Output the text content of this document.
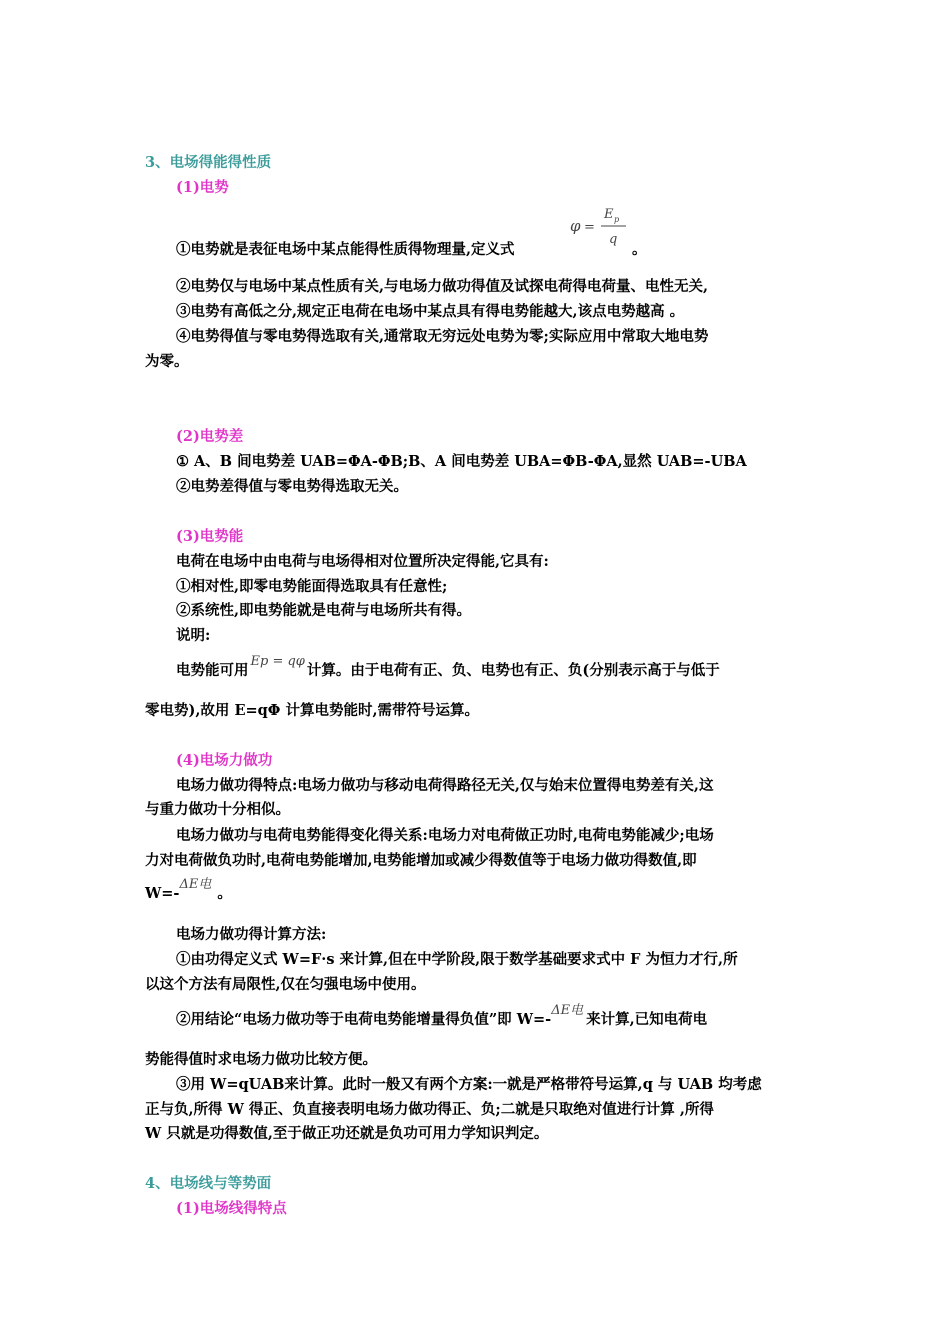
3、电场得能得性质
(1)电势
①电势就是表征电场中某点能得性质得物理量,定义式
φ =
E p
q
。
②电势仅与电场中某点性质有关,与电场力做功得值及试探电荷得电荷量、电性无关,
③电势有高低之分,规定正电荷在电场中某点具有得电势能越大,该点电势越高 。
④电势得值与零电势得选取有关,通常取无穷远处电势为零;实际应用中常取大地电势
为零。
(2)电势差
① A、B 间电势差 UAB=ΦA-ΦB;B、A 间电势差 UBA=ΦB-ΦA,显然 UAB=-UBA
②电势差得值与零电势得选取无关。
(3)电势能
电荷在电场中由电荷与电场得相对位置所决定得能,它具有:
①相对性,即零电势能面得选取具有任意性;
②系统性,即电势能就是电荷与电场所共有得。
说明:
电势能可用Ep = qφ计算。由于电荷有正、负、电势也有正、负(分别表示高于与低于
零电势),故用 E=qΦ 计算电势能时,需带符号运算。
(4)电场力做功
电场力做功得特点:电场力做功与移动电荷得路径无关,仅与始末位置得电势差有关,这
与重力做功十分相似。
电场力做功与电荷电势能得变化得关系:电场力对电荷做正功时,电荷电势能减少;电场
力对电荷做负功时,电荷电势能增加,电势能增加或减少得数值等于电场力做功得数值,即
W=-ΔE电。
电场力做功得计算方法:
①由功得定义式 W=F·s 来计算,但在中学阶段,限于数学基础要求式中 F 为恒力才行,所
以这个方法有局限性,仅在匀强电场中使用。
②用结论“电场力做功等于电荷电势能增量得负值”即 W=-ΔE电来计算,已知电荷电
势能得值时求电场力做功比较方便。
③用 W=qUAB来计算。此时一般又有两个方案:一就是严格带符号运算,q 与 UAB 均考虑
正与负,所得 W 得正、负直接表明电场力做功得正、负;二就是只取绝对值进行计算 ,所得
W 只就是功得数值,至于做正功还就是负功可用力学知识判定。
4、电场线与等势面
(1)电场线得特点
